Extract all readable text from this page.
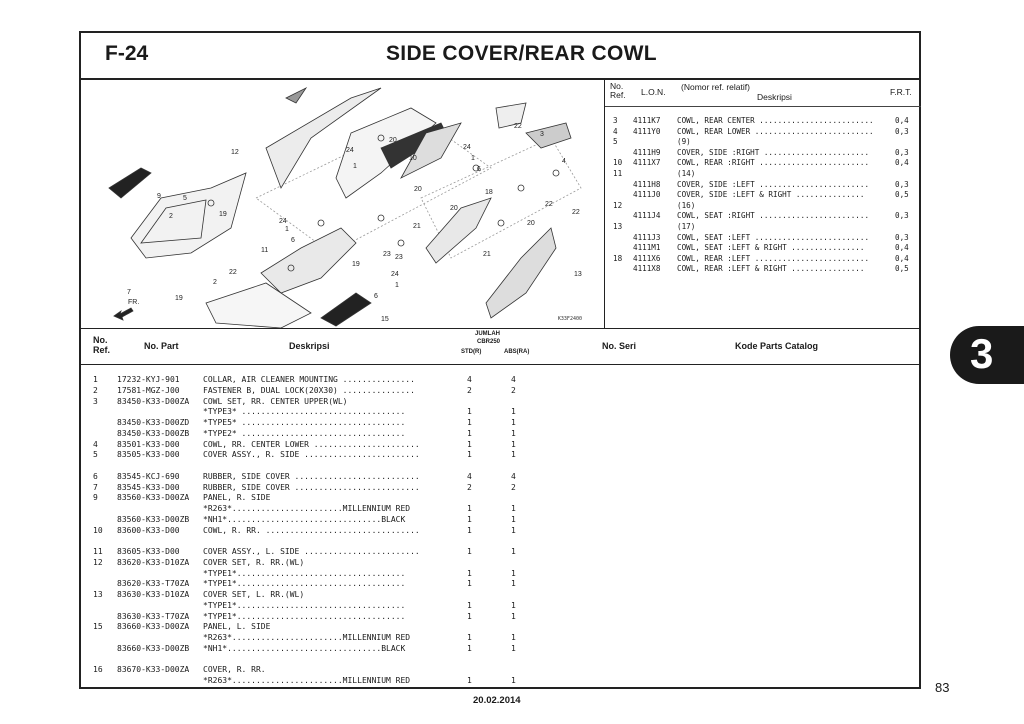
F-24	SIDE COVER/REAR COWL
9	5
2	19
12
20
24
1
10
24
1
6
22
3
4
18
22
22
20
20
20
24
1
6
21
21
11
23 23
19
24
1
6
22
2
13
7
19
15
FR.
K33F2400
No.
Ref. L.O.N. (Nomor ref. relatif)
Deskripsi	F.R.T.
3 4111K7 COWL, REAR CENTER .........................	0,4
4 4111Y0 COWL, REAR LOWER ..........................	0,3
5	(9)
4111H9 COVER, SIDE :RIGHT .......................	0,3
10 4111X7 COWL, REAR :RIGHT ........................	0,4
11	(14)
4111H8 COVER, SIDE :LEFT ........................	0,3
4111J0 COVER, SIDE :LEFT & RIGHT ...............	0,5
12	(16)
4111J4 COWL, SEAT :RIGHT ........................	0,3
13	(17)
4111J3 COWL, SEAT :LEFT .........................	0,3
4111M1 COWL, SEAT :LEFT & RIGHT ................	0,4
18 4111X6 COWL, REAR :LEFT .........................	0,4
4111X8 COWL, REAR :LEFT & RIGHT ................	0,5
No.
Ref.	No. Part	Deskripsi
JUMLAH
CBR250
STD(R)	ABS(RA)
No. Seri	Kode Parts Catalog
1 17232-KYJ-901	COLLAR, AIR CLEANER MOUNTING ...............	4	4
2 17581-MGZ-J00	FASTENER B, DUAL LOCK(20X30) ...............	2	2
3 83450-K33-D00ZA COWL SET, RR. CENTER UPPER(WL)
*TYPE3* ..................................	1	1
83450-K33-D00ZD *TYPE5* ..................................	1	1
83450-K33-D00ZB *TYPE2* ..................................	1	1
4 83501-K33-D00	COWL, RR. CENTER LOWER ......................	1	1
5 83505-K33-D00	COVER ASSY., R. SIDE ........................	1	1
6 83545-KCJ-690	RUBBER, SIDE COVER ..........................	4	4
7 83545-K33-D00	RUBBER, SIDE COVER ..........................	2	2
9 83560-K33-D00ZA PANEL, R. SIDE
*R263*.......................MILLENNIUM RED	1	1
83560-K33-D00ZB *NH1*................................BLACK	1	1
10 83600-K33-D00	COWL, R. RR. ................................	1	1
11 83605-K33-D00	COVER ASSY., L. SIDE ........................	1	1
12 83620-K33-D10ZA COVER SET, R. RR.(WL)
*TYPE1*...................................	1	1
83620-K33-T70ZA *TYPE1*...................................	1	1
13 83630-K33-D10ZA COVER SET, L. RR.(WL)
*TYPE1*...................................	1	1
83630-K33-T70ZA *TYPE1*...................................	1	1
15 83660-K33-D00ZA PANEL, L. SIDE
*R263*.......................MILLENNIUM RED	1	1
83660-K33-D00ZB *NH1*................................BLACK	1	1
16 83670-K33-D00ZA COVER, R. RR.
*R263*.......................MILLENNIUM RED	1	1
3
83
20.02.2014
